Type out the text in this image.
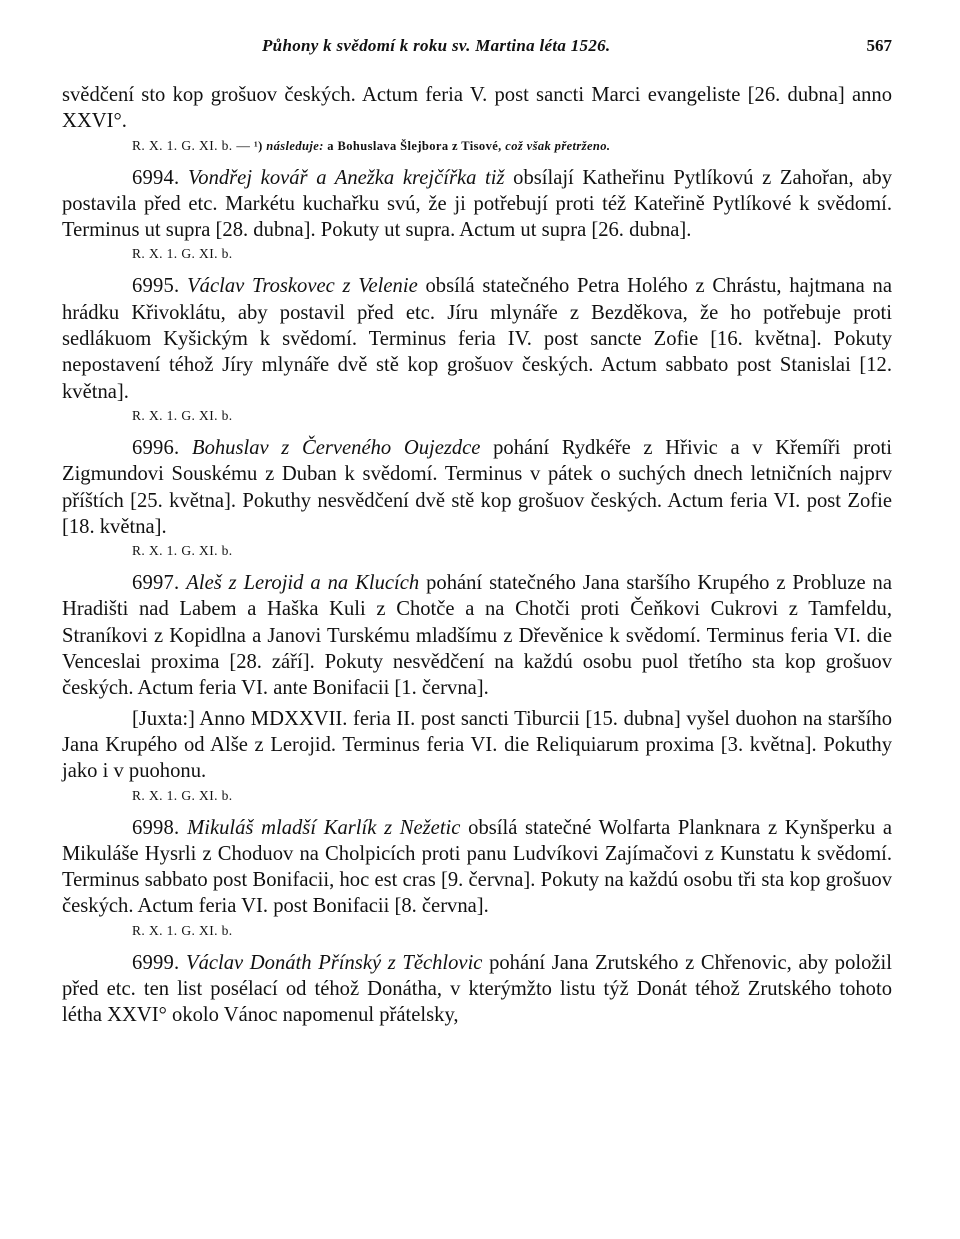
Půhony k svědomí k roku sv. Martina léta 1526.	567

svědčení sto kop grošuov českých. Actum feria V. post sancti Marci evangeliste [26. dubna] anno XXVI°.

R. X. 1. G. XI. b. — ¹) následuje: a Bohuslava Šlejbora z Tisové, což však přetrženo.

6994. Vondřej kovář a Anežka krejčířka tiž obsílají Katheřinu Pytlíkovú z Zahořan, aby postavila před etc. Markétu kuchařku svú, že ji potřebují proti též Kateřině Pytlíkové k svědomí. Terminus ut supra [28. dubna]. Pokuty ut supra. Actum ut supra [26. dubna].

R. X. 1. G. XI. b.

6995. Václav Troskovec z Velenie obsílá statečného Petra Holého z Chrástu, hajtmana na hrádku Křivoklátu, aby postavil před etc. Jíru mlynáře z Bezděkova, že ho potřebuje proti sedlákuom Kyšickým k svědomí. Terminus feria IV. post sancte Zofie [16. května]. Pokuty nepostavení téhož Jíry mlynáře dvě stě kop grošuov českých. Actum sabbato post Stanislai [12. května].

R. X. 1. G. XI. b.

6996. Bohuslav z Červeného Oujezdce pohání Rydkéře z Hřivic a v Křemíři proti Zigmundovi Souskému z Duban k svědomí. Terminus v pátek o suchých dnech letničních najprv příštích [25. května]. Pokuthy nesvědčení dvě stě kop grošuov českých. Actum feria VI. post Zofie [18. května].

R. X. 1. G. XI. b.

6997. Aleš z Lerojid a na Klucích pohání statečného Jana staršího Krupého z Probluze na Hradišti nad Labem a Haška Kuli z Chotče a na Chotči proti Čeňkovi Cukrovi z Tamfeldu, Straníkovi z Kopidlna a Janovi Turskému mladšímu z Dřevěnice k svědomí. Terminus feria VI. die Venceslai proxima [28. září]. Pokuty nesvědčení na každú osobu puol třetího sta kop grošuov českých. Actum feria VI. ante Bonifacii [1. června].

[Juxta:] Anno MDXXVII. feria II. post sancti Tiburcii [15. dubna] vyšel duohon na staršího Jana Krupého od Alše z Lerojid. Terminus feria VI. die Reliquiarum proxima [3. května]. Pokuthy jako i v puohonu.

R. X. 1. G. XI. b.

6998. Mikuláš mladší Karlík z Nežetic obsílá statečné Wolfarta Planknara z Kynšperku a Mikuláše Hysrli z Choduov na Cholpicích proti panu Ludvíkovi Zajímačovi z Kunstatu k svědomí. Terminus sabbato post Bonifacii, hoc est cras [9. června]. Pokuty na každú osobu tři sta kop grošuov českých. Actum feria VI. post Bonifacii [8. června].

R. X. 1. G. XI. b.

6999. Václav Donáth Přínský z Těchlovic pohání Jana Zrutského z Chřenovic, aby položil před etc. ten list posélací od téhož Donátha, v kterýmžto listu týž Donát téhož Zrutského tohoto létha XXVI° okolo Vánoc napomenul přátelsky,
